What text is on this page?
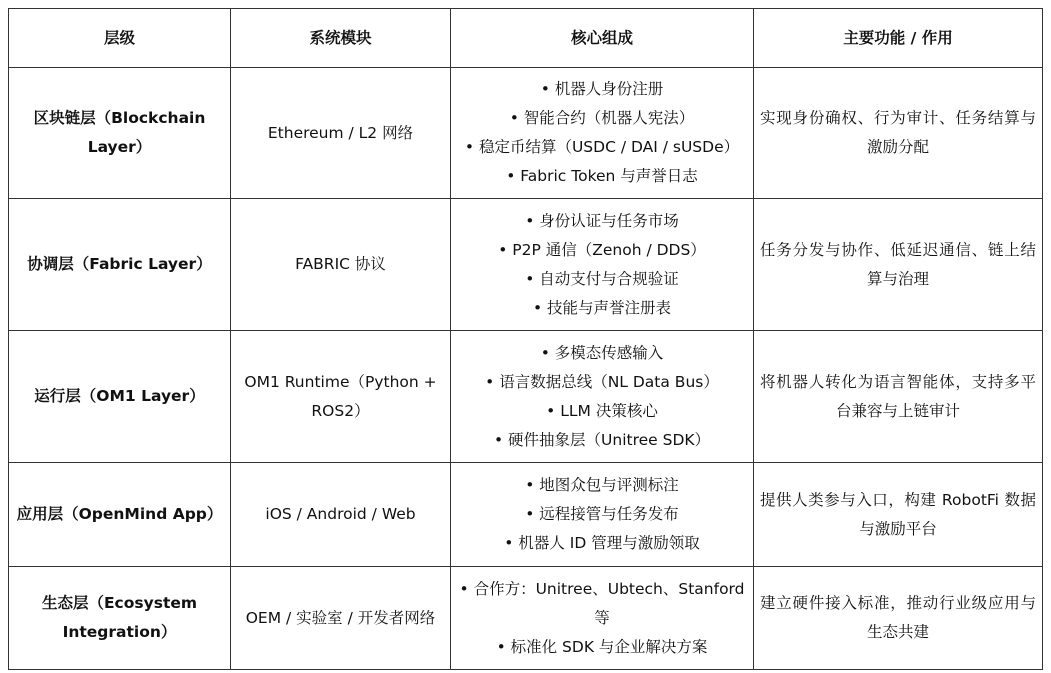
层级	系统模块	核心组成	主要功能 / 作用
区块链层（Blockchain Layer）	Ethereum / L2 网络	• 机器人身份注册
• 智能合约（机器人宪法）
• 稳定币结算（USDC / DAI / sUSDe）
• Fabric Token 与声誉日志	实现身份确权、行为审计、任务结算与激励分配
协调层（Fabric Layer）	FABRIC 协议	• 身份认证与任务市场
• P2P 通信（Zenoh / DDS）
• 自动支付与合规验证
• 技能与声誉注册表	任务分发与协作、低延迟通信、链上结算与治理
运行层（OM1 Layer）	OM1 Runtime（Python + ROS2）	• 多模态传感输入
• 语言数据总线（NL Data Bus）
• LLM 决策核心
• 硬件抽象层（Unitree SDK）	将机器人转化为语言智能体，支持多平台兼容与上链审计
应用层（OpenMind App）	iOS / Android / Web	• 地图众包与评测标注
• 远程接管与任务发布
• 机器人 ID 管理与激励领取	提供人类参与入口，构建 RobotFi 数据与激励平台
生态层（Ecosystem Integration）	OEM / 实验室 / 开发者网络	• 合作方：Unitree、Ubtech、Stanford 等
• 标准化 SDK 与企业解决方案	建立硬件接入标准，推动行业级应用与生态共建
